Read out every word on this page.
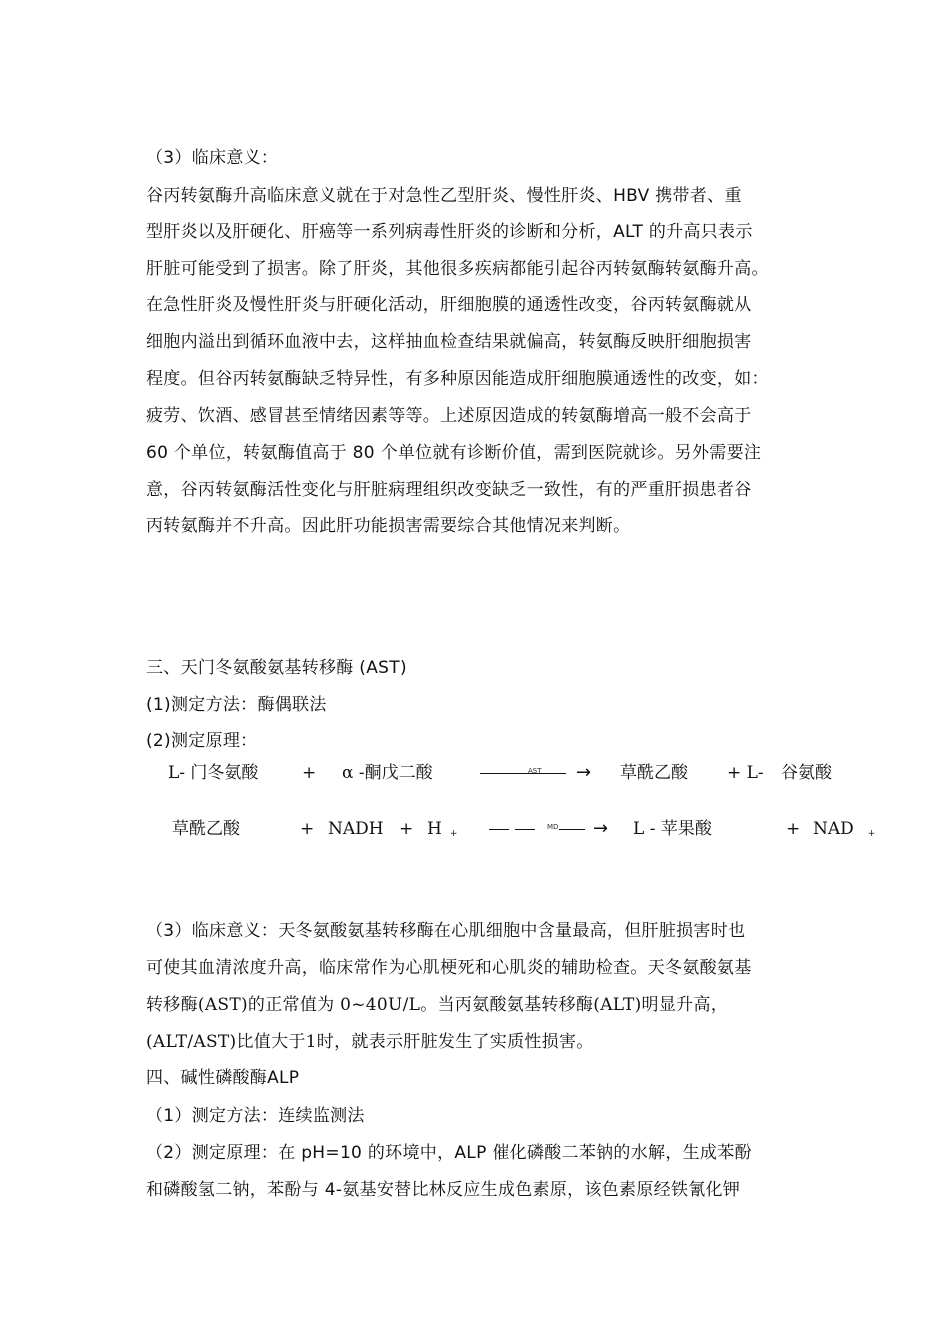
（3）临床意义：
谷丙转氨酶升高临床意义就在于对急性乙型肝炎、慢性肝炎、HBV 携带者、重
型肝炎以及肝硬化、肝癌等一系列病毒性肝炎的诊断和分析，ALT 的升高只表示
肝脏可能受到了损害。除了肝炎，其他很多疾病都能引起谷丙转氨酶转氨酶升高。
在急性肝炎及慢性肝炎与肝硬化活动，肝细胞膜的通透性改变，谷丙转氨酶就从
细胞内溢出到循环血液中去，这样抽血检查结果就偏高，转氨酶反映肝细胞损害
程度。但谷丙转氨酶缺乏特异性，有多种原因能造成肝细胞膜通透性的改变，如：
疲劳、饮酒、感冒甚至情绪因素等等。上述原因造成的转氨酶增高一般不会高于
60 个单位，转氨酶值高于 80 个单位就有诊断价值，需到医院就诊。另外需要注
意，谷丙转氨酶活性变化与肝脏病理组织改变缺乏一致性，有的严重肝损患者谷
丙转氨酶并不升高。因此肝功能损害需要综合其他情况来判断。
三、天门冬氨酸氨基转移酶 (AST)
(1)测定方法：酶偶联法
(2)测定原理：
L- 门冬氨酸	+ α -酮戊二酸	AST → 草酰乙酸 + L- 谷氨酸
草酰乙酸	+ NADH + H $_+$
MD → L - 苹果酸	+ NAD $_+$
（3）临床意义：天冬氨酸氨基转移酶在心肌细胞中含量最高，但肝脏损害时也
可使其血清浓度升高，临床常作为心肌梗死和心肌炎的辅助检查。天冬氨酸氨基
转移酶(AST)的正常值为 0~40U/L。当丙氨酸氨基转移酶(ALT)明显升高，
(ALT/AST)比值大于1时，就表示肝脏发生了实质性损害。
四、碱性磷酸酶ALP
（1）测定方法：连续监测法
（2）测定原理：在 pH=10 的环境中，ALP 催化磷酸二苯钠的水解，生成苯酚
和磷酸氢二钠，苯酚与 4-氨基安替比林反应生成色素原，该色素原经铁氰化钾
